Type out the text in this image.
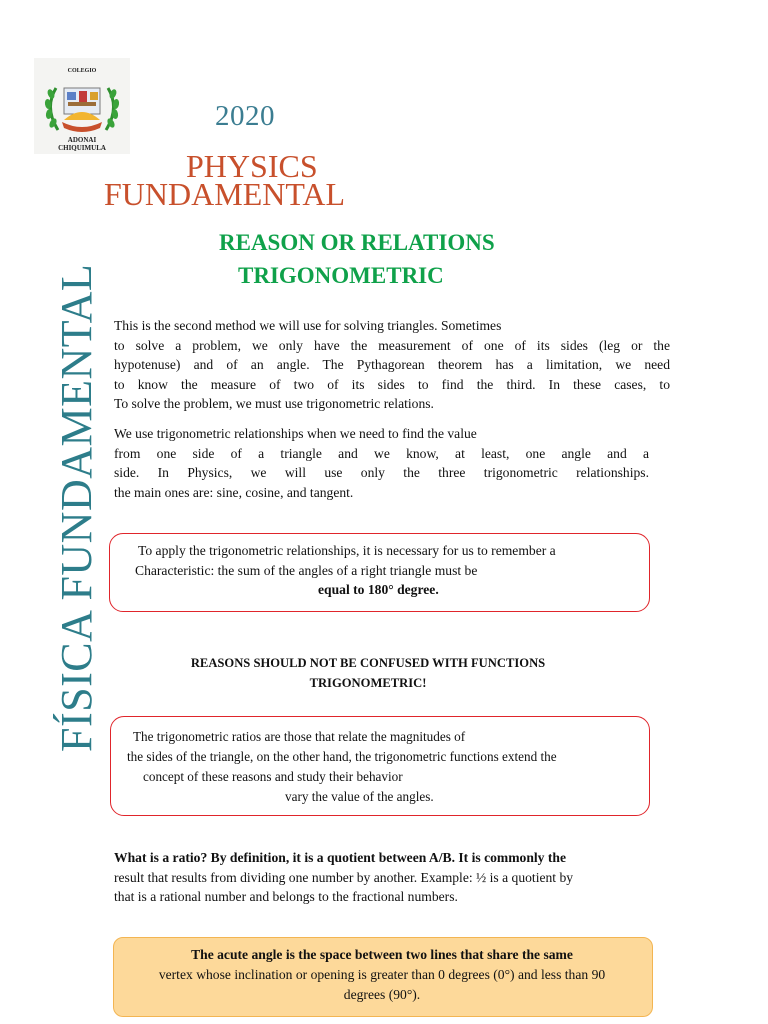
COLEGIO
ADONAI
CHIQUIMULA
2020
PHYSICS
FUNDAMENTAL
FÍSICA FUNDAMENTAL
REASON OR RELATIONS
TRIGONOMETRIC
This is the second method we will use for solving triangles. Sometimes
to solve a problem, we only have the measurement of one of its sides (leg or the
hypotenuse) and of an angle. The Pythagorean theorem has a limitation, we need
to know the measure of two of its sides to find the third. In these cases, to
To solve the problem, we must use trigonometric relations.
We use trigonometric relationships when we need to find the value
from one side of a triangle and we know, at least, one angle and a
side. In Physics, we will use only the three trigonometric relationships.
the main ones are: sine, cosine, and tangent.
To apply the trigonometric relationships, it is necessary for us to remember a
Characteristic: the sum of the angles of a right triangle must be
equal to 180° degree.
REASONS SHOULD NOT BE CONFUSED WITH FUNCTIONS
TRIGONOMETRIC!
The trigonometric ratios are those that relate the magnitudes of
the sides of the triangle, on the other hand, the trigonometric functions extend the
concept of these reasons and study their behavior
vary the value of the angles.
What is a ratio? By definition, it is a quotient between A/B. It is commonly the
result that results from dividing one number by another. Example: ½ is a quotient by
that is a rational number and belongs to the fractional numbers.
The acute angle is the space between two lines that share the same
vertex whose inclination or opening is greater than 0 degrees (0°) and less than 90
degrees (90°).
